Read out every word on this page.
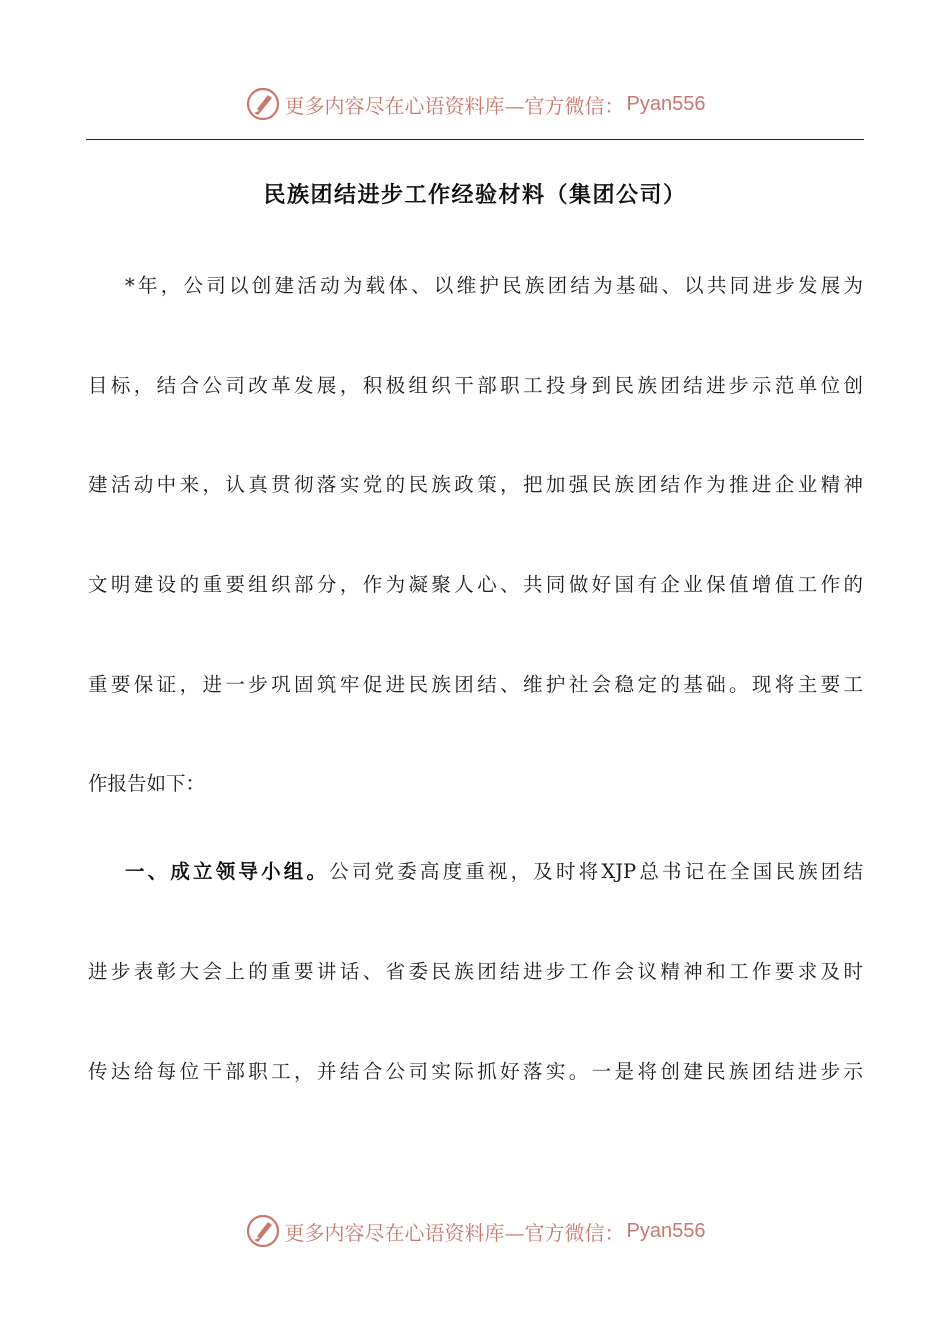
更多内容尽在心语资料库—官方微信： Pyan556
民族团结进步工作经验材料（集团公司）
*年，公司以创建活动为载体、以维护民族团结为基础、以共同进步发展为
目标，结合公司改革发展，积极组织干部职工投身到民族团结进步示范单位创
建活动中来，认真贯彻落实党的民族政策，把加强民族团结作为推进企业精神
文明建设的重要组织部分，作为凝聚人心、共同做好国有企业保值增值工作的
重要保证，进一步巩固筑牢促进民族团结、维护社会稳定的基础。现将主要工
作报告如下：
一、成立领导小组。公司党委高度重视，及时将XJP总书记在全国民族团结
进步表彰大会上的重要讲话、省委民族团结进步工作会议精神和工作要求及时
传达给每位干部职工，并结合公司实际抓好落实。一是将创建民族团结进步示
更多内容尽在心语资料库—官方微信： Pyan556
